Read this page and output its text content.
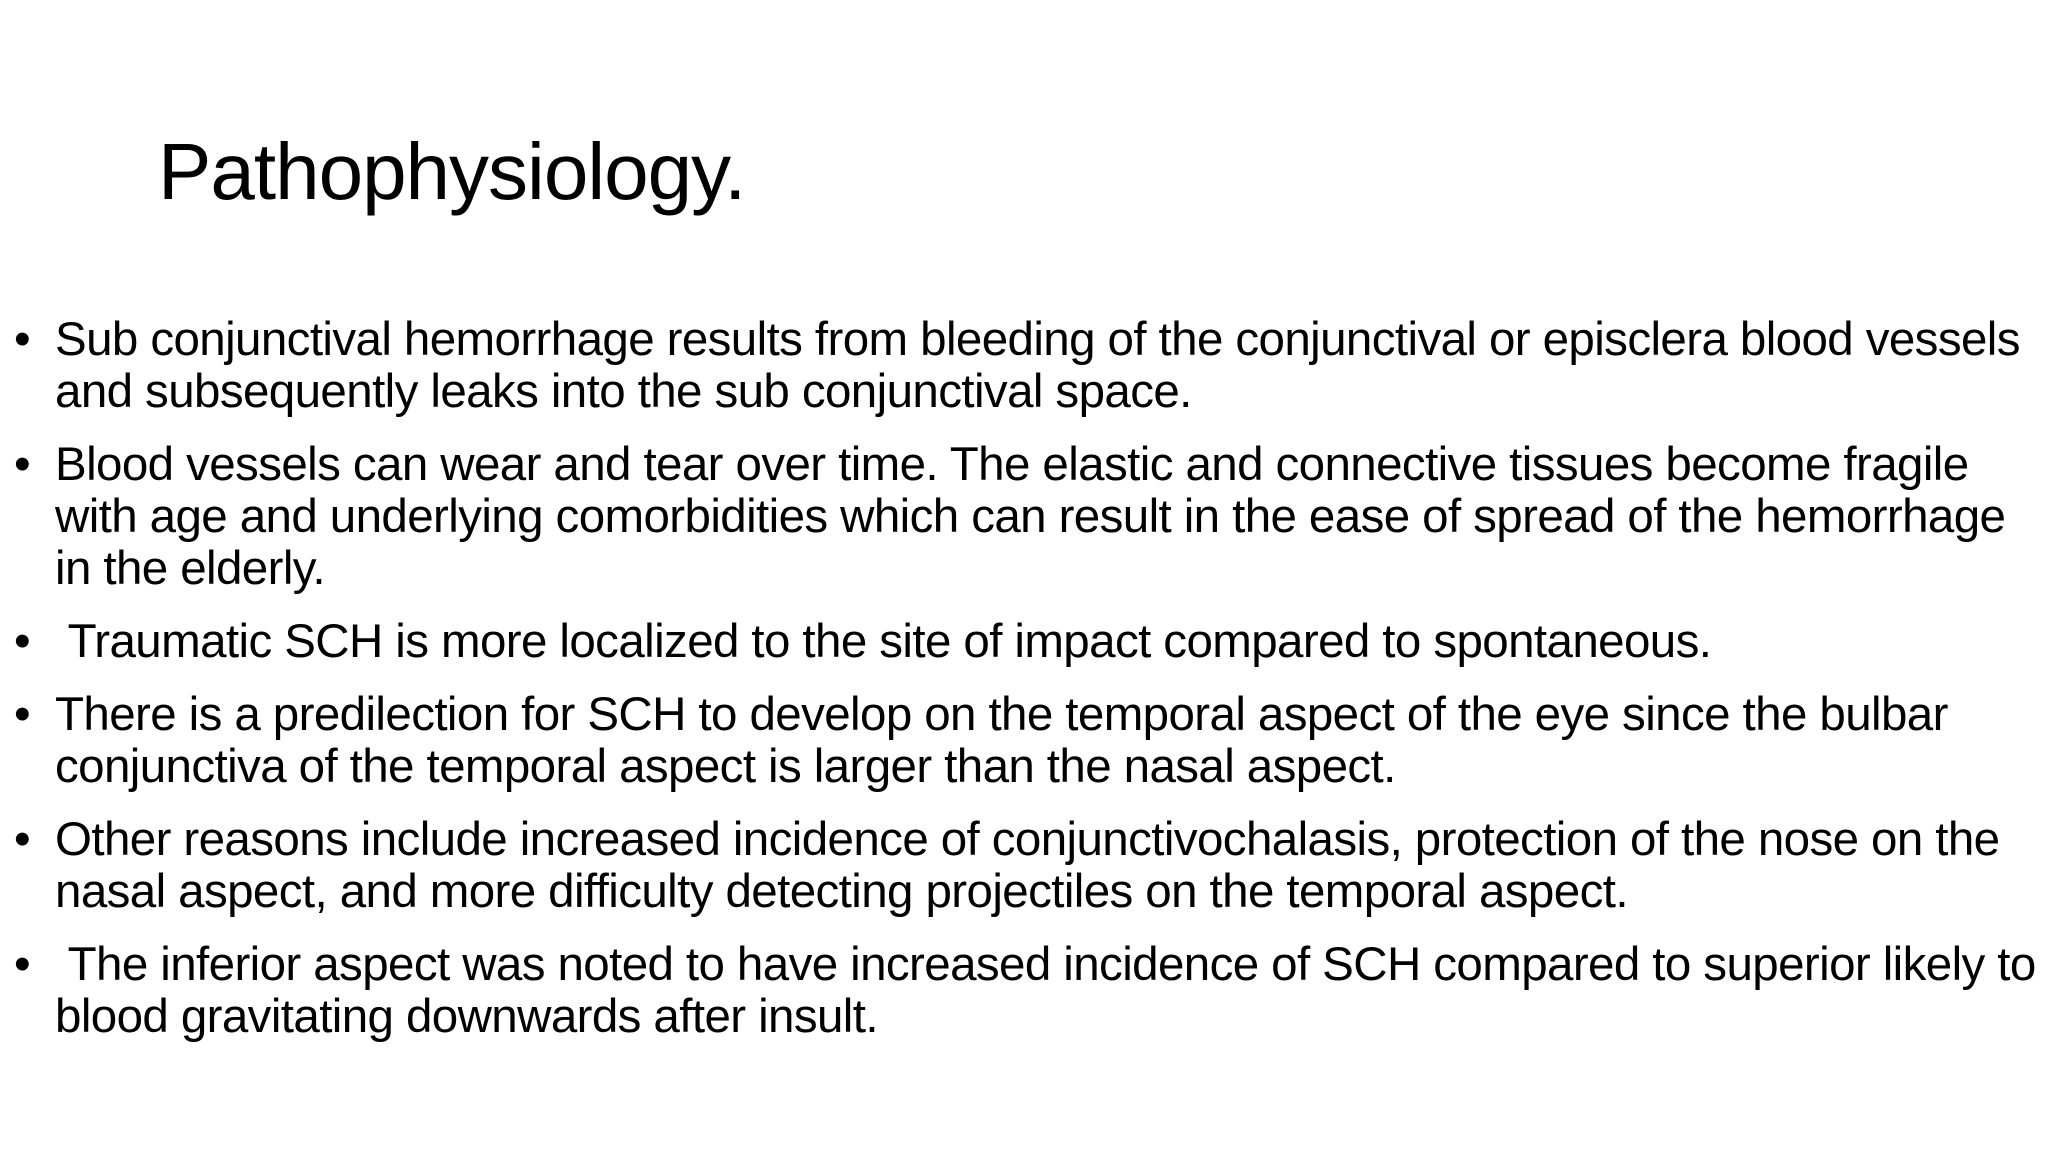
Pathophysiology.
• Sub conjunctival hemorrhage results from bleeding of the conjunctival or episclera blood vessels and subsequently leaks into the sub conjunctival space.
• Blood vessels can wear and tear over time. The elastic and connective tissues become fragile with age and underlying comorbidities which can result in the ease of spread of the hemorrhage in the elderly.
• Traumatic SCH is more localized to the site of impact compared to spontaneous.
• There is a predilection for SCH to develop on the temporal aspect of the eye since the bulbar conjunctiva of the temporal aspect is larger than the nasal aspect.
• Other reasons include increased incidence of conjunctivochalasis, protection of the nose on the nasal aspect, and more difficulty detecting projectiles on the temporal aspect.
• The inferior aspect was noted to have increased incidence of SCH compared to superior likely to blood gravitating downwards after insult.
